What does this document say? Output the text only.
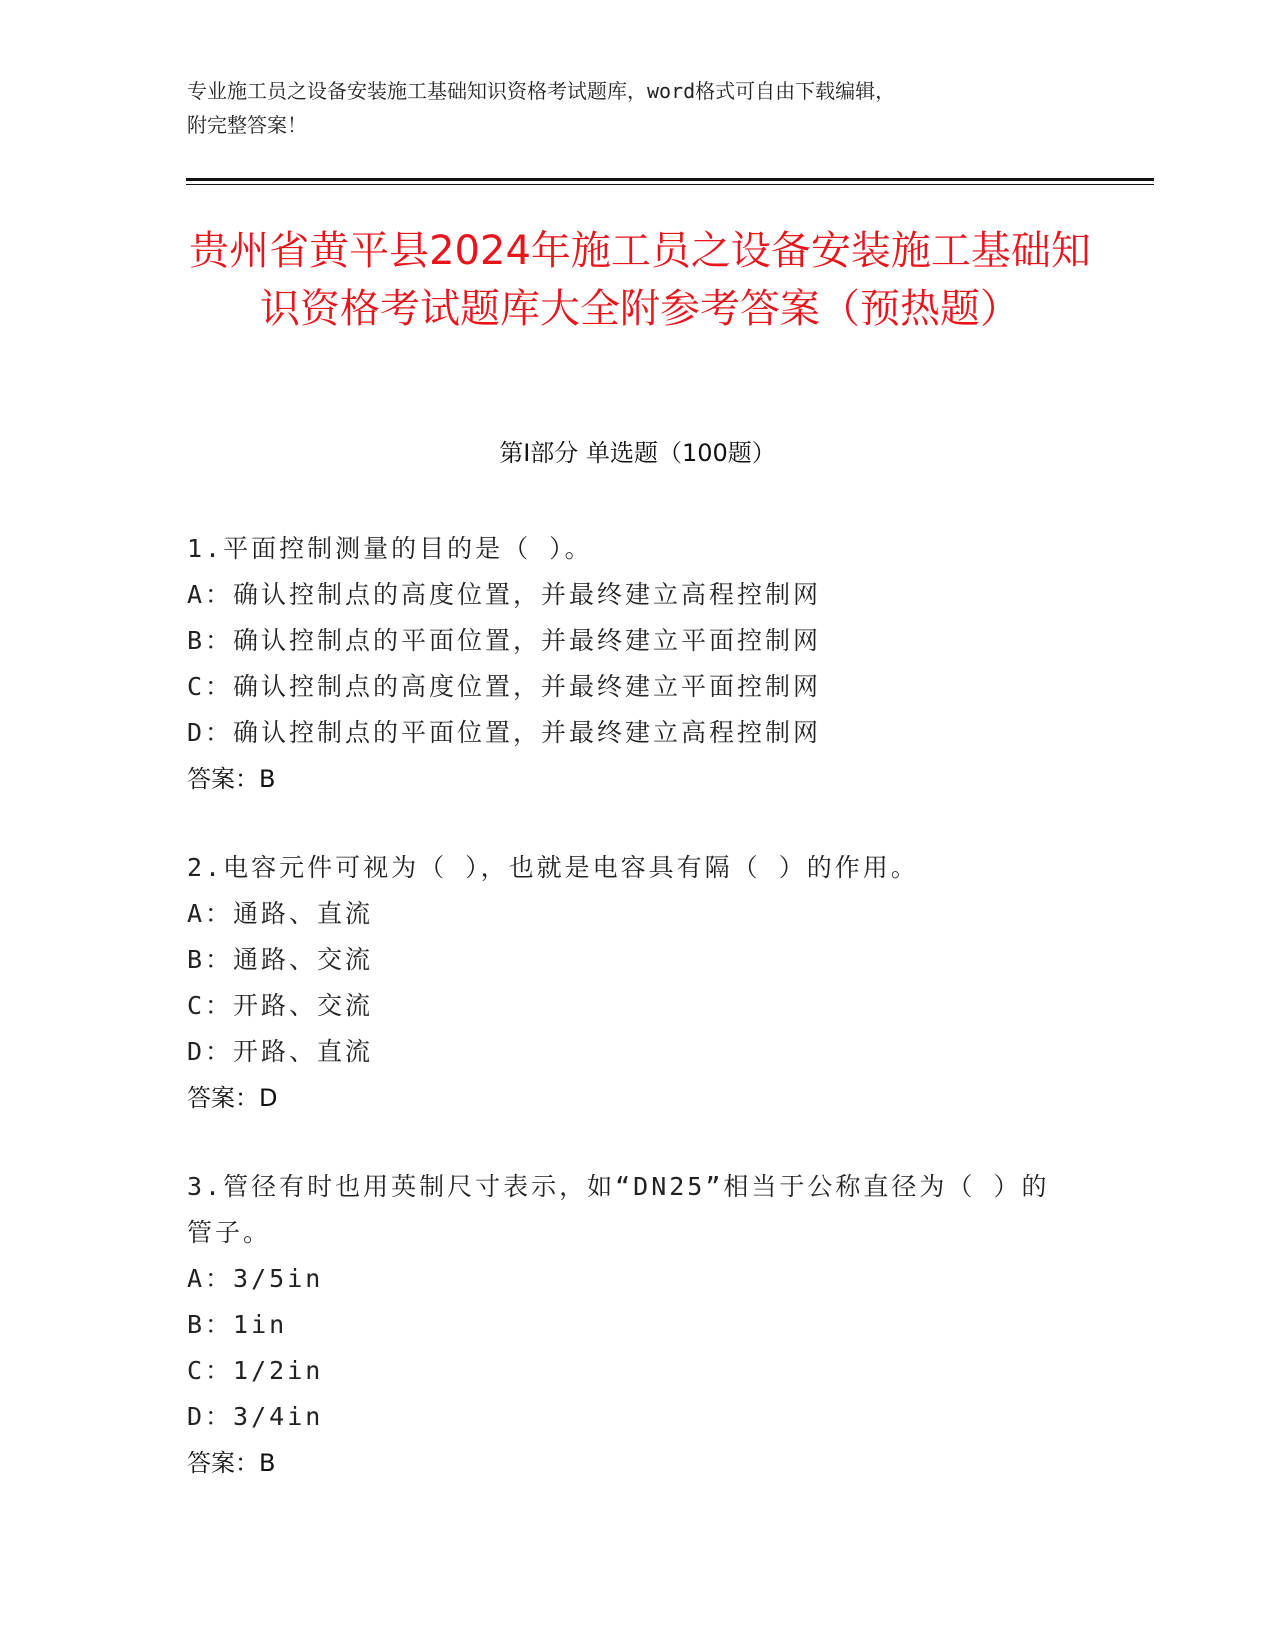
专业施工员之设备安装施工基础知识资格考试题库，word格式可自由下载编辑，
附完整答案！
贵州省黄平县2024年施工员之设备安装施工基础知识资格考试题库大全附参考答案（预热题）
第I部分 单选题（100题）
1.平面控制测量的目的是（ ）。
A：确认控制点的高度位置，并最终建立高程控制网
B：确认控制点的平面位置，并最终建立平面控制网
C：确认控制点的高度位置，并最终建立平面控制网
D：确认控制点的平面位置，并最终建立高程控制网
答案：B
2.电容元件可视为（ ），也就是电容具有隔（ ）的作用。
A：通路、直流
B：通路、交流
C：开路、交流
D：开路、直流
答案：D
3.管径有时也用英制尺寸表示，如“DN25”相当于公称直径为（ ）的管子。
A：3/5in
B：1in
C：1/2in
D：3/4in
答案：B
